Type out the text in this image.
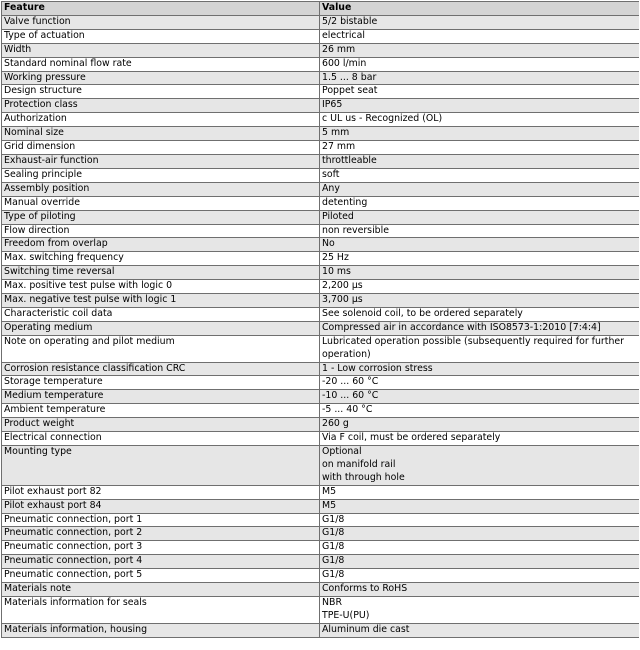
Feature	Value
Valve function	5/2 bistable

Type of actuation	electrical

Width	26 mm

Standard nominal flow rate	600 l/min

Working pressure	1.5 ... 8 bar

Design structure	Poppet seat

Protection class	IP65

Authorization	c UL us - Recognized (OL)

Nominal size	5 mm

Grid dimension	27 mm

Exhaust-air function	throttleable

Sealing principle	soft

Assembly position	Any

Manual override	detenting

Type of piloting	Piloted

Flow direction	non reversible

Freedom from overlap	No

Max. switching frequency	25 Hz

Switching time reversal	10 ms

Max. positive test pulse with logic 0	2,200 µs

Max. negative test pulse with logic 1	3,700 µs

Characteristic coil data	See solenoid coil, to be ordered separately

Operating medium	Compressed air in accordance with ISO8573-1:2010 [7:4:4]

Note on operating and pilot medium	Lubricated operation possible (subsequently required for further
operation)

Corrosion resistance classification CRC	1 - Low corrosion stress

Storage temperature	-20 ... 60 °C

Medium temperature	-10 ... 60 °C

Ambient temperature	-5 ... 40 °C

Product weight	260 g

Electrical connection	Via F coil, must be ordered separately

Mounting type	Optional
on manifold rail
with through hole

Pilot exhaust port 82	M5

Pilot exhaust port 84	M5

Pneumatic connection, port 1	G1/8

Pneumatic connection, port 2	G1/8

Pneumatic connection, port 3	G1/8

Pneumatic connection, port 4	G1/8

Pneumatic connection, port 5	G1/8

Materials note	Conforms to RoHS

Materials information for seals	NBR
TPE-U(PU)

Materials information, housing	Aluminum die cast
